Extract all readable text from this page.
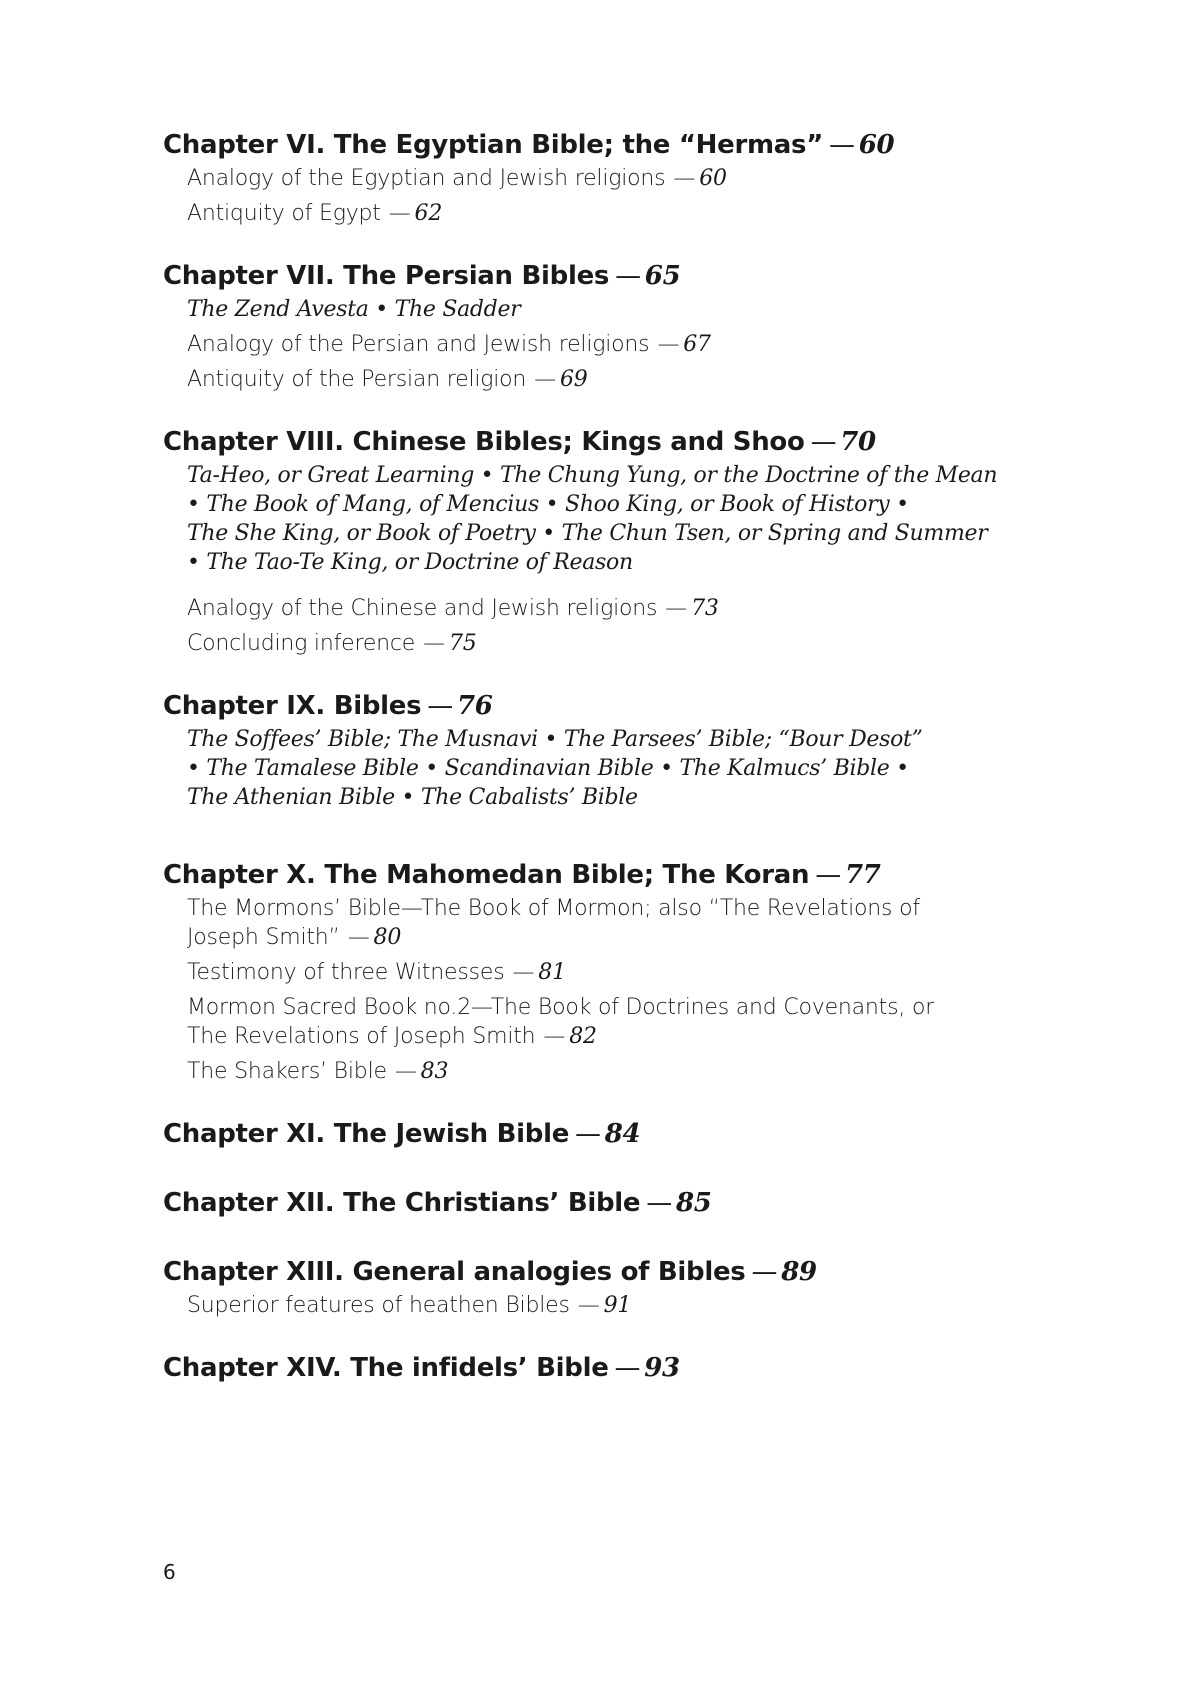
Chapter VI. The Egyptian Bible; the “Hermas” — 60
Analogy of the Egyptian and Jewish religions — 60
Antiquity of Egypt — 62
Chapter VII. The Persian Bibles — 65
The Zend Avesta • The Sadder
Analogy of the Persian and Jewish religions — 67
Antiquity of the Persian religion — 69
Chapter VIII. Chinese Bibles; Kings and Shoo — 70
Ta-Heo, or Great Learning • The Chung Yung, or the Doctrine of the Mean
• The Book of Mang, of Mencius • Shoo King, or Book of History •
The She King, or Book of Poetry • The Chun Tsen, or Spring and Summer
• The Tao-Te King, or Doctrine of Reason
Analogy of the Chinese and Jewish religions — 73
Concluding inference — 75
Chapter IX. Bibles — 76
The Soffees’ Bible; The Musnavi • The Parsees’ Bible; “Bour Desot”
• The Tamalese Bible • Scandinavian Bible • The Kalmucs’ Bible •
The Athenian Bible • The Cabalists’ Bible
Chapter X. The Mahomedan Bible; The Koran — 77
The Mormons’ Bible—The Book of Mormon; also “The Revelations of
Joseph Smith” — 80
Testimony of three Witnesses — 81
Mormon Sacred Book no.2—The Book of Doctrines and Covenants, or
The Revelations of Joseph Smith — 82
The Shakers’ Bible — 83
Chapter XI. The Jewish Bible — 84
Chapter XII. The Christians’ Bible — 85
Chapter XIII. General analogies of Bibles — 89
Superior features of heathen Bibles — 91
Chapter XIV. The infidels’ Bible — 93
6
